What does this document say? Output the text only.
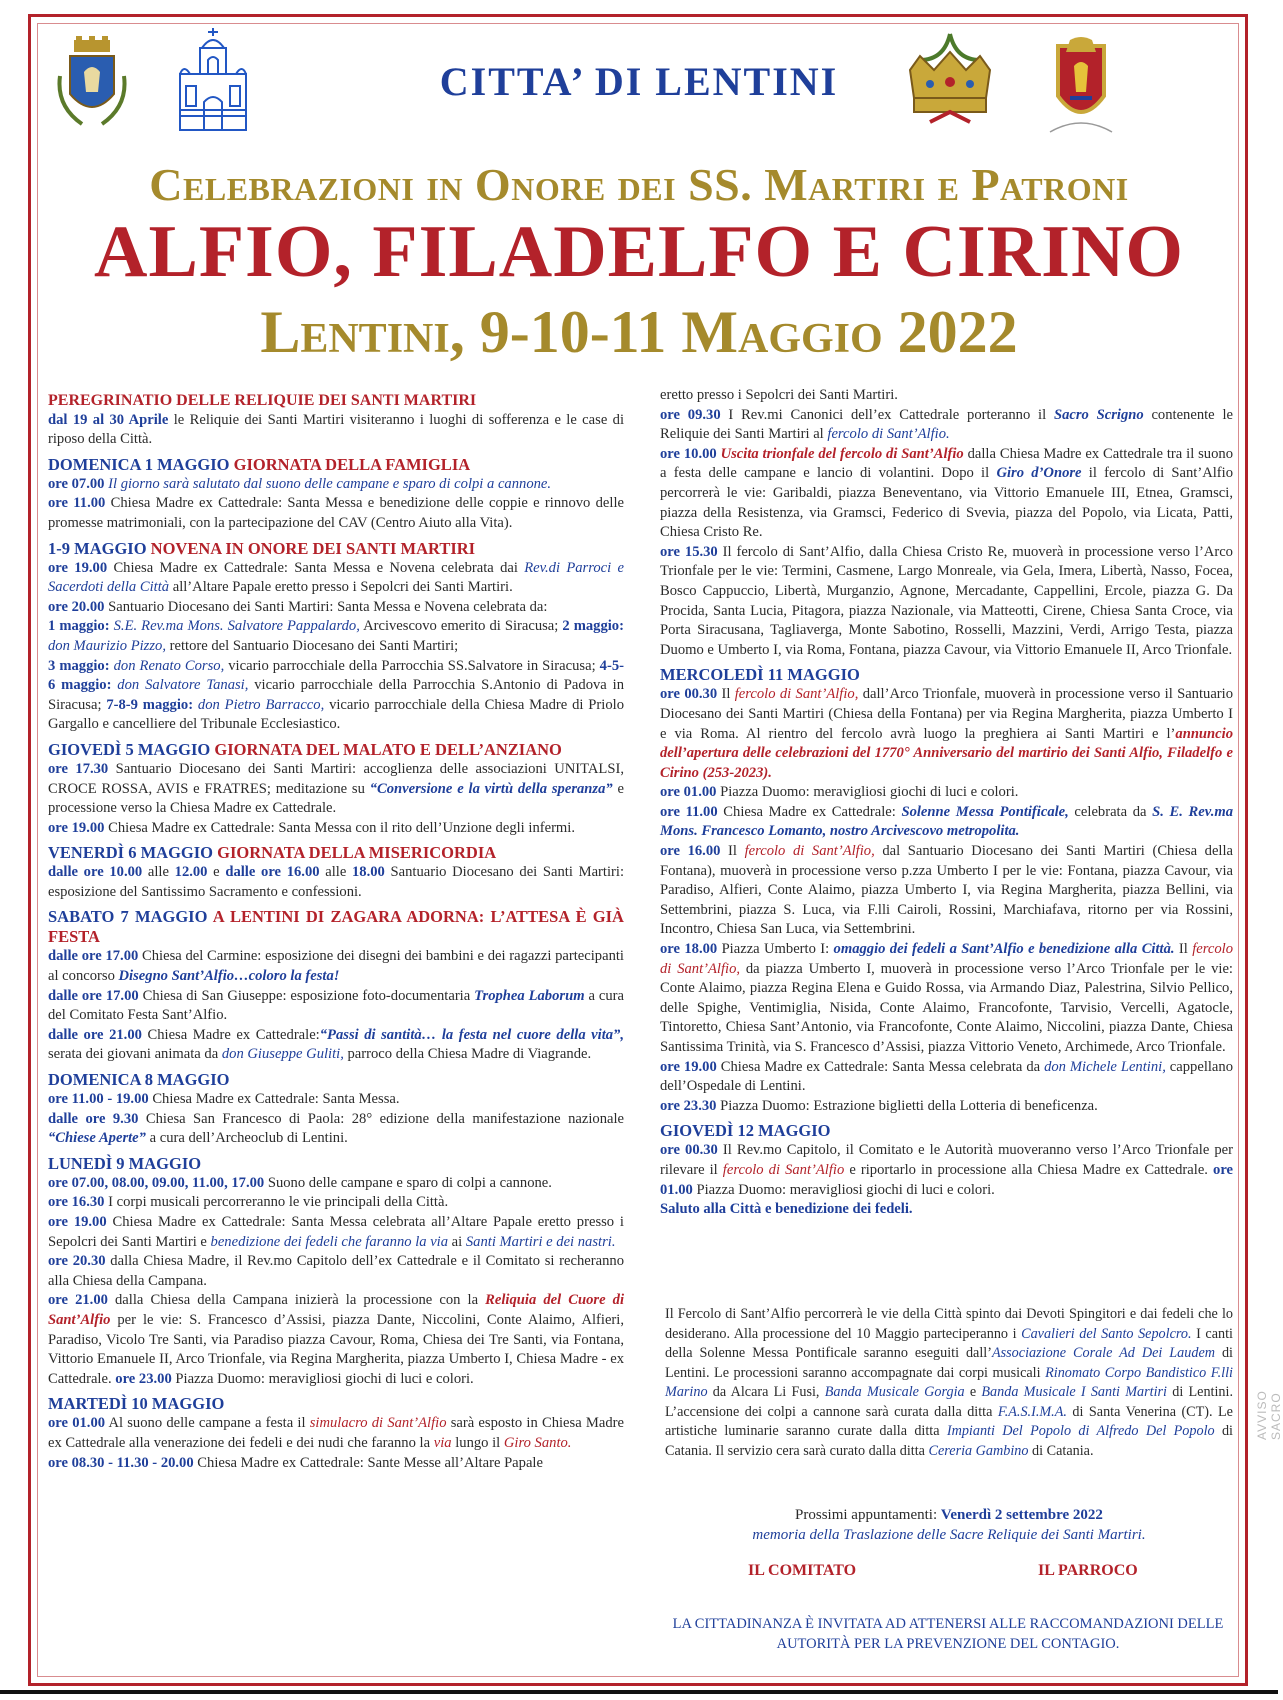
CITTA’ DI LENTINI
Celebrazioni in Onore dei SS. Martiri e Patroni
ALFIO, FILADELFO E CIRINO
Lentini, 9-10-11 Maggio 2022
PEREGRINATIO DELLE RELIQUIE DEI SANTI MARTIRI

dal 19 al 30 Aprile le Reliquie dei Santi Martiri visiteranno i luoghi di sofferenza e le case di riposo della Città.

DOMENICA 1 MAGGIO GIORNATA DELLA FAMIGLIA

ore 07.00 Il giorno sarà salutato dal suono delle campane e sparo di colpi a cannone.

ore 11.00 Chiesa Madre ex Cattedrale: Santa Messa e benedizione delle coppie e rinnovo delle promesse matrimoniali, con la partecipazione del CAV (Centro Aiuto alla Vita).

1-9 MAGGIO NOVENA IN ONORE DEI SANTI MARTIRI

ore 19.00 Chiesa Madre ex Cattedrale: Santa Messa e Novena celebrata dai Rev.di Parroci e Sacerdoti della Città all’Altare Papale eretto presso i Sepolcri dei Santi Martiri.

ore 20.00 Santuario Diocesano dei Santi Martiri: Santa Messa e Novena celebrata da:
1 maggio: S.E. Rev.ma Mons. Salvatore Pappalardo, Arcivescovo emerito di Siracusa; 2 maggio: don Maurizio Pizzo, rettore del Santuario Diocesano dei Santi Martiri;
3 maggio: don Renato Corso, vicario parrocchiale della Parrocchia SS.Salvatore in Siracusa; 4-5-6 maggio: don Salvatore Tanasi, vicario parrocchiale della Parrocchia S.Antonio di Padova in Siracusa; 7-8-9 maggio: don Pietro Barracco, vicario parrocchiale della Chiesa Madre di Priolo Gargallo e cancelliere del Tribunale Ecclesiastico.

GIOVEDÌ 5 MAGGIO GIORNATA DEL MALATO E DELL’ANZIANO

ore 17.30 Santuario Diocesano dei Santi Martiri: accoglienza delle associazioni UNITALSI, CROCE ROSSA, AVIS e FRATRES; meditazione su “Conversione e la virtù della speranza” e processione verso la Chiesa Madre ex Cattedrale.

ore 19.00 Chiesa Madre ex Cattedrale: Santa Messa con il rito dell’Unzione degli infermi.

VENERDÌ 6 MAGGIO GIORNATA DELLA MISERICORDIA

dalle ore 10.00 alle 12.00 e dalle ore 16.00 alle 18.00 Santuario Diocesano dei Santi Martiri: esposizione del Santissimo Sacramento e confessioni.

SABATO 7 MAGGIO A LENTINI DI ZAGARA ADORNA: L’ATTESA È GIÀ FESTA

dalle ore 17.00 Chiesa del Carmine: esposizione dei disegni dei bambini e dei ragazzi partecipanti al concorso Disegno Sant’Alfio…coloro la festa!

dalle ore 17.00 Chiesa di San Giuseppe: esposizione foto-documentaria Trophea Laborum a cura del Comitato Festa Sant’Alfio.

dalle ore 21.00 Chiesa Madre ex Cattedrale:“Passi di santità… la festa nel cuore della vita”, serata dei giovani animata da don Giuseppe Guliti, parroco della Chiesa Madre di Viagrande.

DOMENICA 8 MAGGIO

ore 11.00 - 19.00 Chiesa Madre ex Cattedrale: Santa Messa.

dalle ore 9.30 Chiesa San Francesco di Paola: 28° edizione della manifestazione nazionale “Chiese Aperte” a cura dell’Archeoclub di Lentini.

LUNEDÌ 9 MAGGIO

ore 07.00, 08.00, 09.00, 11.00, 17.00 Suono delle campane e sparo di colpi a cannone.

ore 16.30 I corpi musicali percorreranno le vie principali della Città.

ore 19.00 Chiesa Madre ex Cattedrale: Santa Messa celebrata all’Altare Papale eretto presso i Sepolcri dei Santi Martiri e benedizione dei fedeli che faranno la via ai Santi Martiri e dei nastri.

ore 20.30 dalla Chiesa Madre, il Rev.mo Capitolo dell’ex Cattedrale e il Comitato si recheranno alla Chiesa della Campana.

ore 21.00 dalla Chiesa della Campana inizierà la processione con la Reliquia del Cuore di Sant’Alfio per le vie: S. Francesco d’Assisi, piazza Dante, Niccolini, Conte Alaimo, Alfieri, Paradiso, Vicolo Tre Santi, via Paradiso piazza Cavour, Roma, Chiesa dei Tre Santi, via Fontana, Vittorio Emanuele II, Arco Trionfale, via Regina Margherita, piazza Umberto I, Chiesa Madre - ex Cattedrale. ore 23.00 Piazza Duomo: meravigliosi giochi di luci e colori.

MARTEDÌ 10 MAGGIO

ore 01.00 Al suono delle campane a festa il simulacro di Sant’Alfio sarà esposto in Chiesa Madre ex Cattedrale alla venerazione dei fedeli e dei nudi che faranno la via lungo il Giro Santo.

ore 08.30 - 11.30 - 20.00 Chiesa Madre ex Cattedrale: Sante Messe all’Altare Papale

eretto presso i Sepolcri dei Santi Martiri.

ore 09.30 I Rev.mi Canonici dell’ex Cattedrale porteranno il Sacro Scrigno contenente le Reliquie dei Santi Martiri al fercolo di Sant’Alfio.

ore 10.00 Uscita trionfale del fercolo di Sant’Alfio dalla Chiesa Madre ex Cattedrale tra il suono a festa delle campane e lancio di volantini. Dopo il Giro d’Onore il fercolo di Sant’Alfio percorrerà le vie: Garibaldi, piazza Beneventano, via Vittorio Emanuele III, Etnea, Gramsci, piazza della Resistenza, via Gramsci, Federico di Svevia, piazza del Popolo, via Licata, Patti, Chiesa Cristo Re.

ore 15.30 Il fercolo di Sant’Alfio, dalla Chiesa Cristo Re, muoverà in processione verso l’Arco Trionfale per le vie: Termini, Casmene, Largo Monreale, via Gela, Imera, Libertà, Nasso, Focea, Bosco Cappuccio, Libertà, Murganzio, Agnone, Mercadante, Cappellini, Ercole, piazza G. Da Procida, Santa Lucia, Pitagora, piazza Nazionale, via Matteotti, Cirene, Chiesa Santa Croce, via Porta Siracusana, Tagliaverga, Monte Sabotino, Rosselli, Mazzini, Verdi, Arrigo Testa, piazza Duomo e Umberto I, via Roma, Fontana, piazza Cavour, via Vittorio Emanuele II, Arco Trionfale.

MERCOLEDÌ 11 MAGGIO

ore 00.30 Il fercolo di Sant’Alfio, dall’Arco Trionfale, muoverà in processione verso il Santuario Diocesano dei Santi Martiri (Chiesa della Fontana) per via Regina Margherita, piazza Umberto I e via Roma. Al rientro del fercolo avrà luogo la preghiera ai Santi Martiri e l’annuncio dell’apertura delle celebrazioni del 1770° Anniversario del martirio dei Santi Alfio, Filadelfo e Cirino (253-2023).

ore 01.00 Piazza Duomo: meravigliosi giochi di luci e colori.

ore 11.00 Chiesa Madre ex Cattedrale: Solenne Messa Pontificale, celebrata da S. E. Rev.ma Mons. Francesco Lomanto, nostro Arcivescovo metropolita.

ore 16.00 Il fercolo di Sant’Alfio, dal Santuario Diocesano dei Santi Martiri (Chiesa della Fontana), muoverà in processione verso p.zza Umberto I per le vie: Fontana, piazza Cavour, via Paradiso, Alfieri, Conte Alaimo, piazza Umberto I, via Regina Margherita, piazza Bellini, via Settembrini, piazza S. Luca, via F.lli Cairoli, Rossini, Marchiafava, ritorno per via Rossini, Incontro, Chiesa San Luca, via Settembrini.

ore 18.00 Piazza Umberto I: omaggio dei fedeli a Sant’Alfio e benedizione alla Città. Il fercolo di Sant’Alfio, da piazza Umberto I, muoverà in processione verso l’Arco Trionfale per le vie: Conte Alaimo, piazza Regina Elena e Guido Rossa, via Armando Diaz, Palestrina, Silvio Pellico, delle Spighe, Ventimiglia, Nisida, Conte Alaimo, Francofonte, Tarvisio, Vercelli, Agatocle, Tintoretto, Chiesa Sant’Antonio, via Francofonte, Conte Alaimo, Niccolini, piazza Dante, Chiesa Santissima Trinità, via S. Francesco d’Assisi, piazza Vittorio Veneto, Archimede, Arco Trionfale.

ore 19.00 Chiesa Madre ex Cattedrale: Santa Messa celebrata da don Michele Lentini, cappellano dell’Ospedale di Lentini.

ore 23.30 Piazza Duomo: Estrazione biglietti della Lotteria di beneficenza.

GIOVEDÌ 12 MAGGIO

ore 00.30 Il Rev.mo Capitolo, il Comitato e le Autorità muoveranno verso l’Arco Trionfale per rilevare il fercolo di Sant’Alfio e riportarlo in processione alla Chiesa Madre ex Cattedrale. ore 01.00 Piazza Duomo: meravigliosi giochi di luci e colori.

Saluto alla Città e benedizione dei fedeli.

Il Fercolo di Sant’Alfio percorrerà le vie della Città spinto dai Devoti Spingitori e dai fedeli che lo desiderano. Alla processione del 10 Maggio parteciperanno i Cavalieri del Santo Sepolcro. I canti della Solenne Messa Pontificale saranno eseguiti dall’Associazione Corale Ad Dei Laudem di Lentini. Le processioni saranno accompagnate dai corpi musicali Rinomato Corpo Bandistico F.lli Marino da Alcara Li Fusi, Banda Musicale Gorgia e Banda Musicale I Santi Martiri di Lentini. L’accensione dei colpi a cannone sarà curata dalla ditta F.A.S.I.M.A. di Santa Venerina (CT). Le artistiche luminarie saranno curate dalla ditta Impianti Del Popolo di Alfredo Del Popolo di Catania. Il servizio cera sarà curato dalla ditta Cereria Gambino di Catania.
Prossimi appuntamenti: Venerdì 2 settembre 2022
memoria della Traslazione delle Sacre Reliquie dei Santi Martiri.
IL COMITATO	IL PARROCO
LA CITTADINANZA È INVITATA AD ATTENERSI ALLE RACCOMANDAZIONI DELLE AUTORITÀ PER LA PREVENZIONE DEL CONTAGIO.
AVVISO SACRO
